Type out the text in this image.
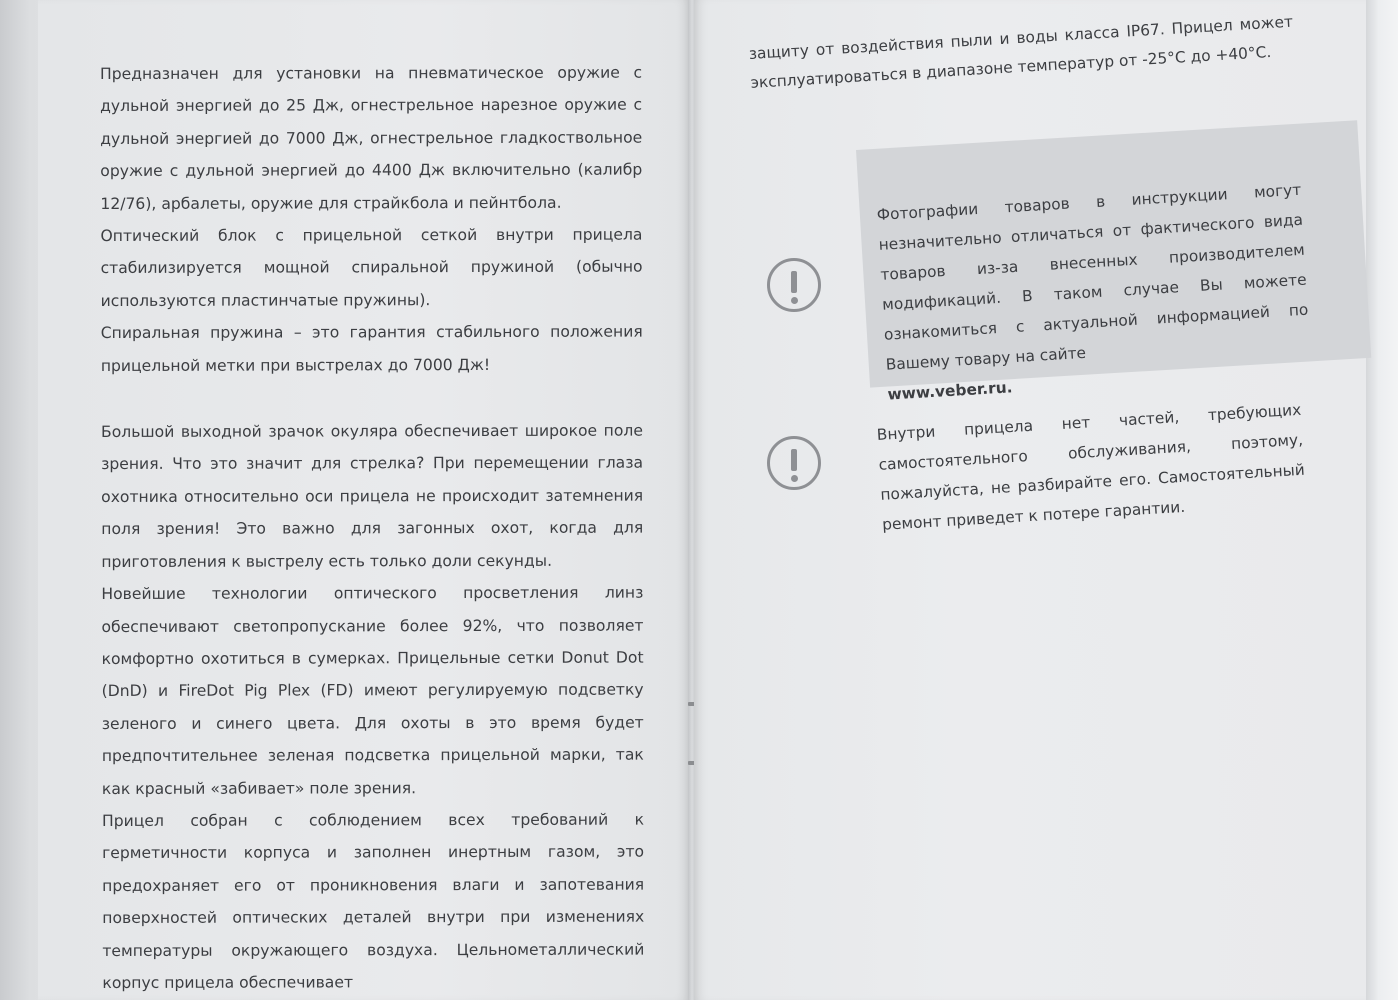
Предназначен для установки на пневматическое оружие с дульной энергией до 25 Дж, огнестрельное нарезное оружие с дульной энергией до 7000 Дж, огнестрельное гладкоствольное оружие с дульной энергией до 4400 Дж включительно (калибр 12/76), арбалеты, оружие для страйкбола и пейнтбола.

Оптический блок с прицельной сеткой внутри прицела стабилизируется мощной спиральной пружиной (обычно используются пластинчатые пружины).

Спиральная пружина – это гарантия стабильного положения прицельной метки при выстрелах до 7000 Дж!

Большой выходной зрачок окуляра обеспечивает широкое поле зрения. Что это значит для стрелка? При перемещении глаза охотника относительно оси прицела не происходит затемнения поля зрения! Это важно для загонных охот, когда для приготовления к выстрелу есть только доли секунды.

Новейшие технологии оптического просветления линз обеспечивают светопропускание более 92%, что позволяет комфортно охотиться в сумерках. Прицельные сетки Donut Dot (DnD) и FireDot Pig Plex (FD) имеют регулируемую подсветку зеленого и синего цвета. Для охоты в это время будет предпочтительнее зеленая подсветка прицельной марки, так как красный «забивает» поле зрения.

Прицел собран с соблюдением всех требований к герметичности корпуса и заполнен инертным газом, это предохраняет его от проникновения влаги и запотевания поверхностей оптических деталей внутри при изменениях температуры окружающего воздуха. Цельнометаллический корпус прицела обеспечивает

защиту от воздействия пыли и воды класса IP67. Прицел может эксплуатироваться в диапазоне температур от -25°C до +40°C.

Фотографии товаров в инструкции могут незначительно отличаться от фактического вида товаров из-за внесенных производителем модификаций. В таком случае Вы можете ознакомиться с актуальной информацией по Вашему товару на сайте
www.veber.ru.

Внутри прицела нет частей, требующих самостоятельного обслуживания, поэтому, пожалуйста, не разбирайте его. Самостоятельный ремонт приведет к потере гарантии.
